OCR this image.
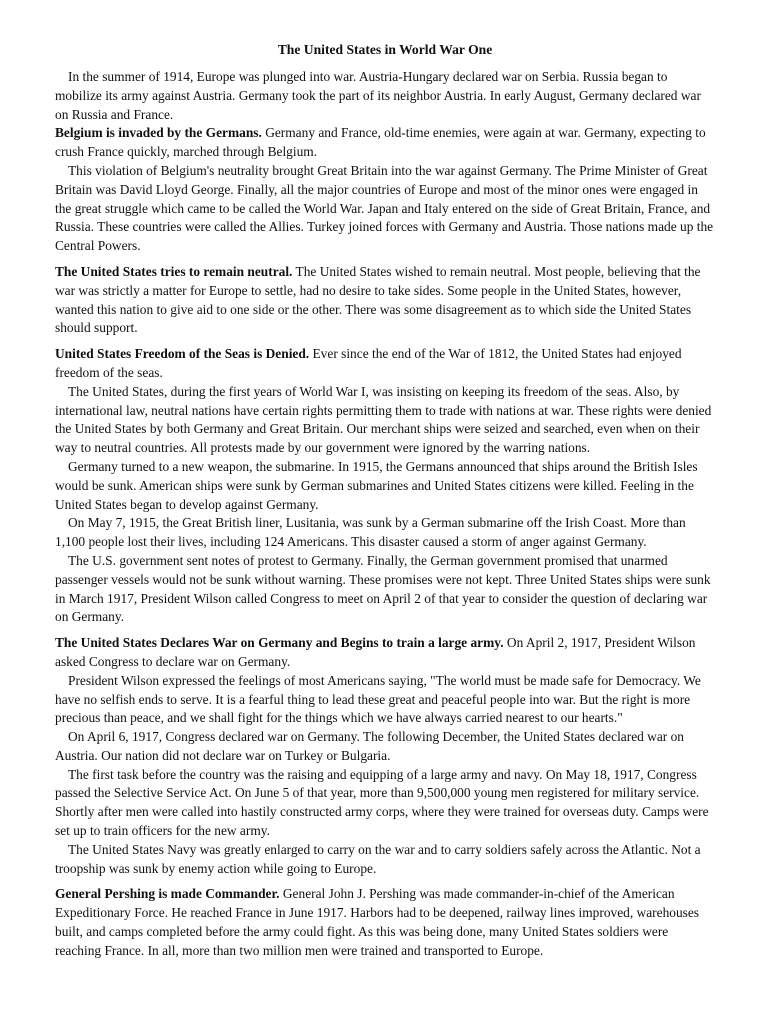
The United States in World War One

In the summer of 1914, Europe was plunged into war. Austria-Hungary declared war on Serbia. Russia began to mobilize its army against Austria. Germany took the part of its neighbor Austria. In early August, Germany declared war on Russia and France.

Belgium is invaded by the Germans. Germany and France, old-time enemies, were again at war. Germany, expecting to crush France quickly, marched through Belgium.

This violation of Belgium's neutrality brought Great Britain into the war against Germany. The Prime Minister of Great Britain was David Lloyd George. Finally, all the major countries of Europe and most of the minor ones were engaged in the great struggle which came to be called the World War. Japan and Italy entered on the side of Great Britain, France, and Russia. These countries were called the Allies. Turkey joined forces with Germany and Austria. Those nations made up the Central Powers.

The United States tries to remain neutral. The United States wished to remain neutral. Most people, believing that the war was strictly a matter for Europe to settle, had no desire to take sides. Some people in the United States, however, wanted this nation to give aid to one side or the other. There was some disagreement as to which side the United States should support.

United States Freedom of the Seas is Denied. Ever since the end of the War of 1812, the United States had enjoyed freedom of the seas.

The United States, during the first years of World War I, was insisting on keeping its freedom of the seas. Also, by international law, neutral nations have certain rights permitting them to trade with nations at war. These rights were denied the United States by both Germany and Great Britain. Our merchant ships were seized and searched, even when on their way to neutral countries. All protests made by our government were ignored by the warring nations.

Germany turned to a new weapon, the submarine. In 1915, the Germans announced that ships around the British Isles would be sunk. American ships were sunk by German submarines and United States citizens were killed. Feeling in the United States began to develop against Germany.

On May 7, 1915, the Great British liner, Lusitania, was sunk by a German submarine off the Irish Coast. More than 1,100 people lost their lives, including 124 Americans. This disaster caused a storm of anger against Germany.

The U.S. government sent notes of protest to Germany. Finally, the German government promised that unarmed passenger vessels would not be sunk without warning. These promises were not kept. Three United States ships were sunk in March 1917, President Wilson called Congress to meet on April 2 of that year to consider the question of declaring war on Germany.

The United States Declares War on Germany and Begins to train a large army. On April 2, 1917, President Wilson asked Congress to declare war on Germany.

President Wilson expressed the feelings of most Americans saying, "The world must be made safe for Democracy. We have no selfish ends to serve. It is a fearful thing to lead these great and peaceful people into war. But the right is more precious than peace, and we shall fight for the things which we have always carried nearest to our hearts."

On April 6, 1917, Congress declared war on Germany. The following December, the United States declared war on Austria. Our nation did not declare war on Turkey or Bulgaria.

The first task before the country was the raising and equipping of a large army and navy. On May 18, 1917, Congress passed the Selective Service Act. On June 5 of that year, more than 9,500,000 young men registered for military service. Shortly after men were called into hastily constructed army corps, where they were trained for overseas duty. Camps were set up to train officers for the new army.

The United States Navy was greatly enlarged to carry on the war and to carry soldiers safely across the Atlantic. Not a troopship was sunk by enemy action while going to Europe.

General Pershing is made Commander. General John J. Pershing was made commander-in-chief of the American Expeditionary Force. He reached France in June 1917. Harbors had to be deepened, railway lines improved, warehouses built, and camps completed before the army could fight. As this was being done, many United States soldiers were reaching France. In all, more than two million men were trained and transported to Europe.
